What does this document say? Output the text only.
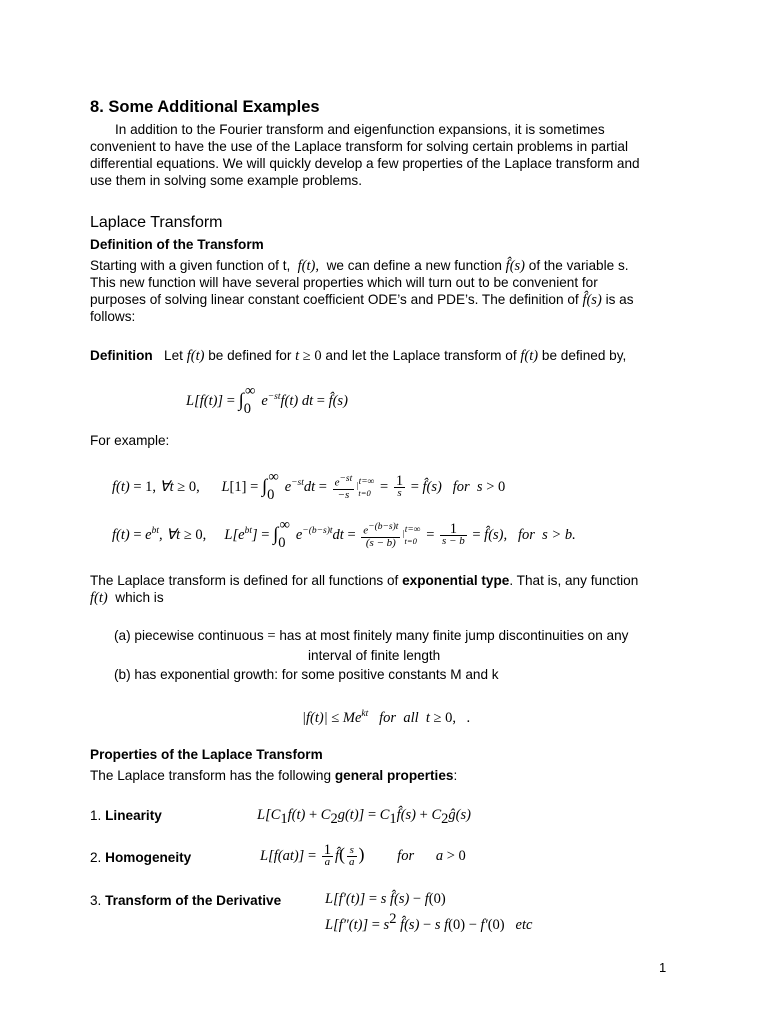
8. Some Additional Examples
In addition to the Fourier transform and eigenfunction expansions, it is sometimes
convenient to have the use of the Laplace transform for solving certain problems in partial
differential equations. We will quickly develop a few properties of the Laplace transform and
use them in solving some example problems.
Laplace Transform
Definition of the Transform
Starting with a given function of t,  f(t), we can define a new function f̂(s) of the variable s.
This new function will have several properties which will turn out to be convenient for
purposes of solving linear constant coefficient ODE’s and PDE’s. The definition of f̂(s) is as
follows:
Definition Let f(t) be defined for t ≥ 0 and let the Laplace transform of f(t) be defined by,
$L[f(t)] = \int_0^\infty e^{-st}f(t)$ dt = f̂(s)
For example:
f(t) = 1, ∀t ≥ 0,      $L[1] = \int_0^\infty e^{-st}dt = \frac{e^{-st}}{-s} |^{t=\infty}$
$t=0 = \frac{1}{s}$ = f̂(s)   for  s > 0
$f(t) = e^{bt}$, ∀t ≥ 0,     $L[e^{bt}] = \int_0^\infty e^{-(b-s)t}dt = \frac{e^{-(b-s)t}}{(s - b)} |^{t=\infty}$
$t=0 = \frac{1}{s - b}$ = f̂(s),   for  s > b.
The Laplace transform is defined for all functions of exponential type. That is, any function
f(t) which is
(a) piecewise continuous = has at most finitely many finite jump discontinuities on any
interval of finite length
(b) has exponential growth: for some positive constants M and k
$|f(t)| \le Me^{kt}$   for  all  t ≥ 0,   .
Properties of the Laplace Transform
The Laplace transform has the following general properties:
1. Linearity	$L[C_1f(t) + C_2g(t)]$ = $C_1f̂(s)$ + $C_2ĝ(s)$
2. Homogeneity	$L[f(at)] = \frac{1}{a}$ f̂( $\frac{s}{a}$ )         for      a > 0
3. Transform of the Derivative	L[f′(t)] = s f̂(s) − f(0)
$L[f''(t)] = s^2$ f̂(s) − s f(0) − f′(0) etc
1
